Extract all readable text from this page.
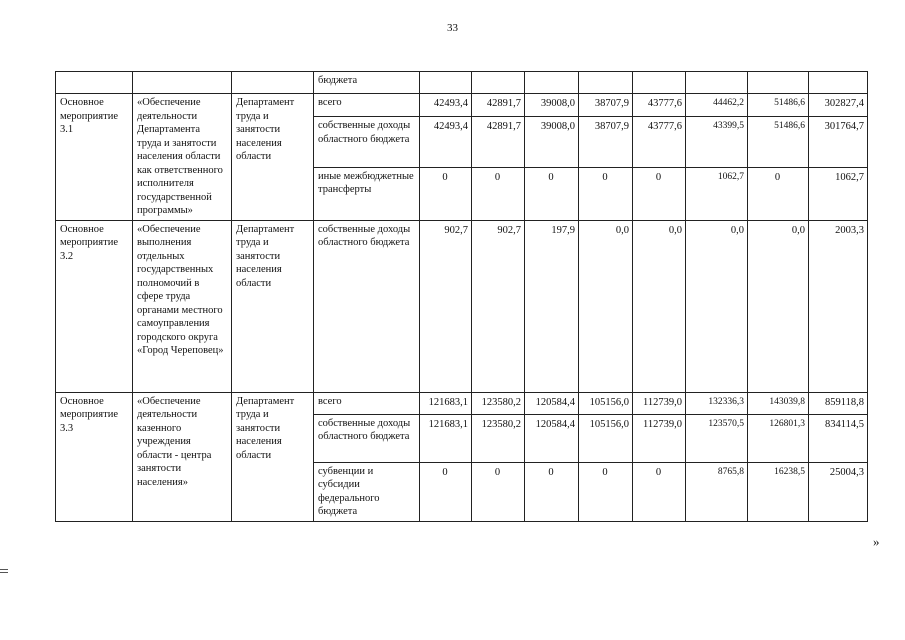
33
			бюджета								
Основное мероприятие 3.1	«Обеспечение деятельности Департамента труда и занятости населения области как ответственного исполнителя государственной программы»	Департамент труда и занятости населения области	всего	42493,4	42891,7	39008,0	38707,9	43777,6	44462,2	51486,6	302827,4
			собственные доходы областного бюджета	42493,4	42891,7	39008,0	38707,9	43777,6	43399,5	51486,6	301764,7
			иные межбюджетные трансферты	0	0	0	0	0	1062,7	0	1062,7
Основное мероприятие 3.2	«Обеспечение выполнения отдельных государственных полномочий в сфере труда органами местного самоуправления городского округа «Город Череповец»	Департамент труда и занятости населения области	собственные доходы областного бюджета	902,7	902,7	197,9	0,0	0,0	0,0	0,0	2003,3
Основное мероприятие 3.3	«Обеспечение деятельности казенного учреждения области - центра занятости населения»	Департамент труда и занятости населения области	всего	121683,1	123580,2	120584,4	105156,0	112739,0	132336,3	143039,8	859118,8
			собственные доходы областного бюджета	121683,1	123580,2	120584,4	105156,0	112739,0	123570,5	126801,3	834114,5
			субвенции и субсидии федерального бюджета	0	0	0	0	0	8765,8	16238,5	25004,3
»
